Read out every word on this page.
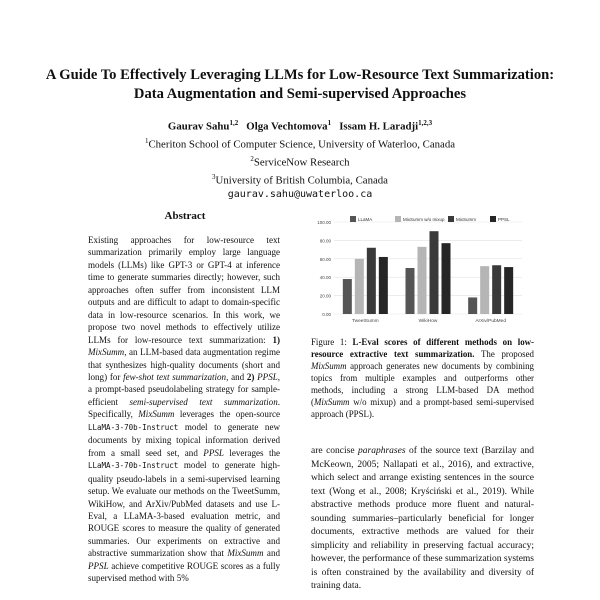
A Guide To Effectively Leveraging LLMs for Low-Resource Text Summarization: Data Augmentation and Semi-supervised Approaches
Gaurav Sahu$^{1,2}$ Olga Vechtomova$^1$ Issam H. Laradji$^{1,2,3}$
$^1$Cheriton School of Computer Science, University of Waterloo, Canada
$^2$ServiceNow Research
$^3$University of British Columbia, Canada
gaurav.sahu@uwaterloo.ca
Abstract

Existing approaches for low-resource text summarization primarily employ large language models (LLMs) like GPT-3 or GPT-4 at inference time to generate summaries directly; however, such approaches often suffer from inconsistent LLM outputs and are difficult to adapt to domain-specific data in low-resource scenarios. In this work, we propose two novel methods to effectively utilize LLMs for low-resource text summarization: 1) MixSumm, an LLM-based data augmentation regime that synthesizes high-quality documents (short and long) for few-shot text summarization, and 2) PPSL, a prompt-based pseudolabeling strategy for sample-efficient semi-supervised text summarization. Specifically, MixSumm leverages the open-source LLaMA-3-70b-Instruct model to generate new documents by mixing topical information derived from a small seed set, and PPSL leverages the LLaMA-3-70b-Instruct model to generate high-quality pseudo-labels in a semi-supervised learning setup. We evaluate our methods on the TweetSumm, WikiHow, and ArXiv/PubMed datasets and use L-Eval, a LLaMA-3-based evaluation metric, and ROUGE scores to measure the quality of generated summaries. Our experiments on extractive and abstractive summarization show that MixSumm and PPSL achieve competitive ROUGE scores as a fully supervised method with 5%

0.00
20.00
40.00
60.00
80.00
100.00
TweetSumm	WikiHow	ArXiv/PubMed
LLaMA	MixSumm w/o mixup	MixSumm	PPSL

Figure 1: L-Eval scores of different methods on low-resource extractive text summarization. The proposed MixSumm approach generates new documents by combining topics from multiple examples and outperforms other methods, including a strong LLM-based DA method (MixSumm w/o mixup) and a prompt-based semi-supervised approach (PPSL).

are concise paraphrases of the source text (Barzilay and McKeown, 2005; Nallapati et al., 2016), and extractive, which select and arrange existing sentences in the source text (Wong et al., 2008; Kryściński et al., 2019). While abstractive methods produce more fluent and natural-sounding summaries–particularly beneficial for longer documents, extractive methods are valued for their simplicity and reliability in preserving factual accuracy; however, the performance of these summarization systems is often constrained by the availability and diversity of training data.
